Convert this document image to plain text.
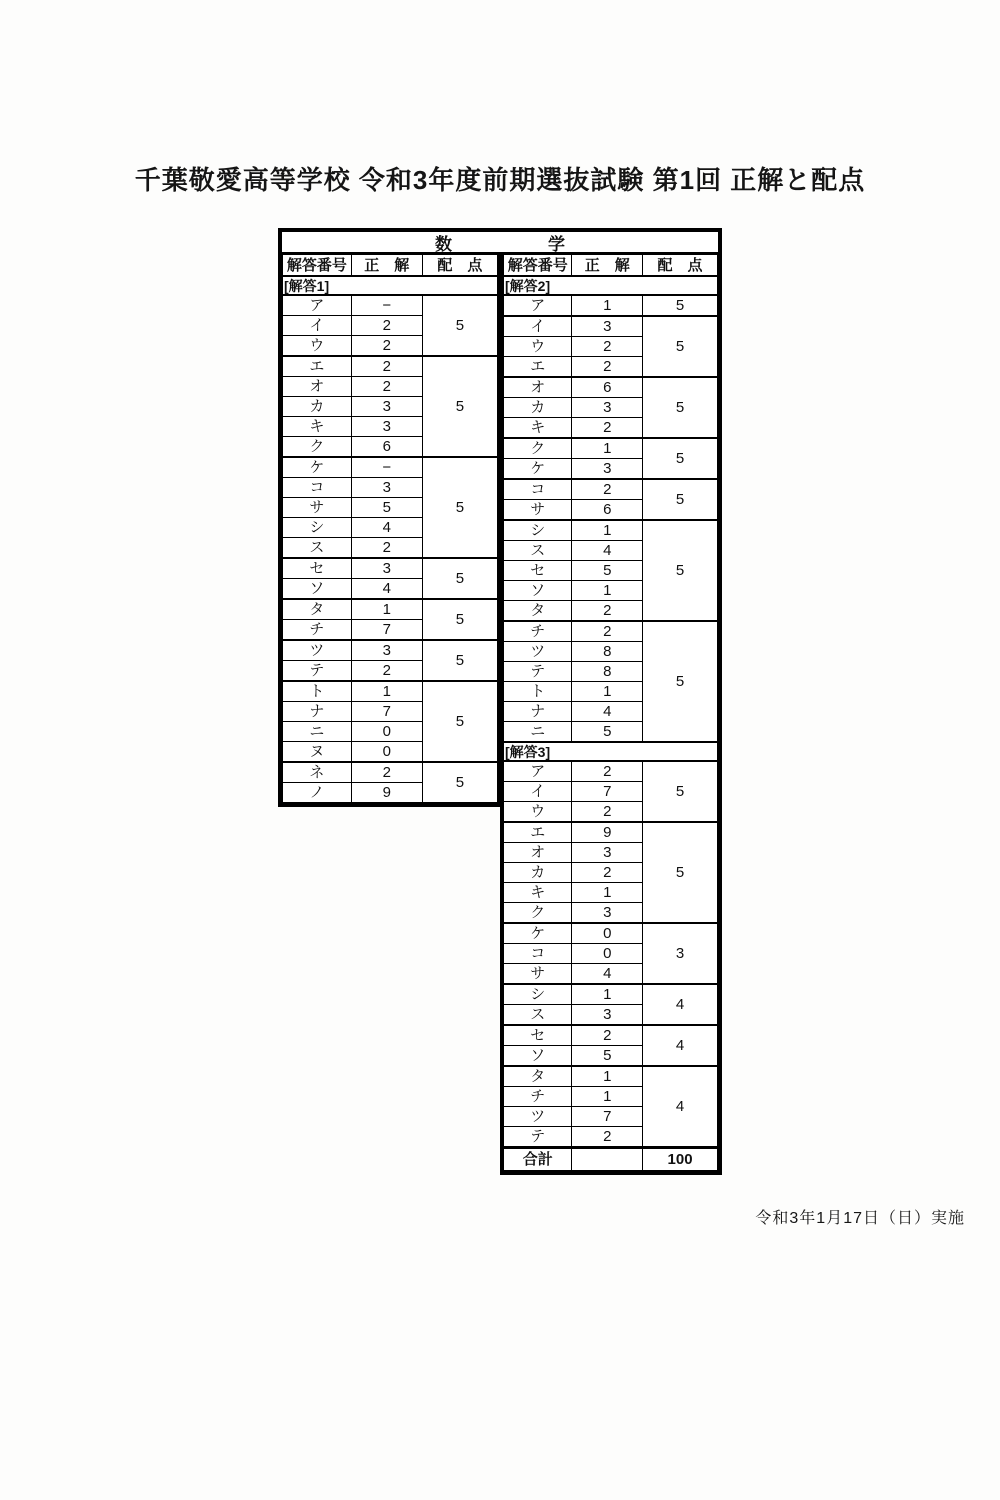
千葉敬愛高等学校 令和3年度前期選抜試験 第1回 正解と配点
数	学
解答番号	正　解	配　点
[解答1]		
ア	−	5
イ	2	
ウ	2	
エ	2	5
オ	2	
カ	3	
キ	3	
ク	6	
ケ	−	5
コ	3	
サ	5	
シ	4	
ス	2	
セ	3	5
ソ	4	
タ	1	5
チ	7	
ツ	3	5
テ	2	
ト	1	5
ナ	7	
ニ	0	
ヌ	0	
ネ	2	5
ノ	9	
解答番号	正　解	配　点
[解答2]		
ア	1	5
イ	3	5
ウ	2	
エ	2	
オ	6	5
カ	3	
キ	2	
ク	1	5
ケ	3	
コ	2	5
サ	6	
シ	1	5
ス	4	
セ	5	
ソ	1	
タ	2	
チ	2	5
ツ	8	
テ	8	
ト	1	
ナ	4	
ニ	5	
[解答3]		
ア	2	5
イ	7	
ウ	2	
エ	9	5
オ	3	
カ	2	
キ	1	
ク	3	
ケ	0	3
コ	0	
サ	4	
シ	1	4
ス	3	
セ	2	4
ソ	5	
タ	1	4
チ	1	
ツ	7	
テ	2	
合計		100
令和3年1月17日（日）実施
